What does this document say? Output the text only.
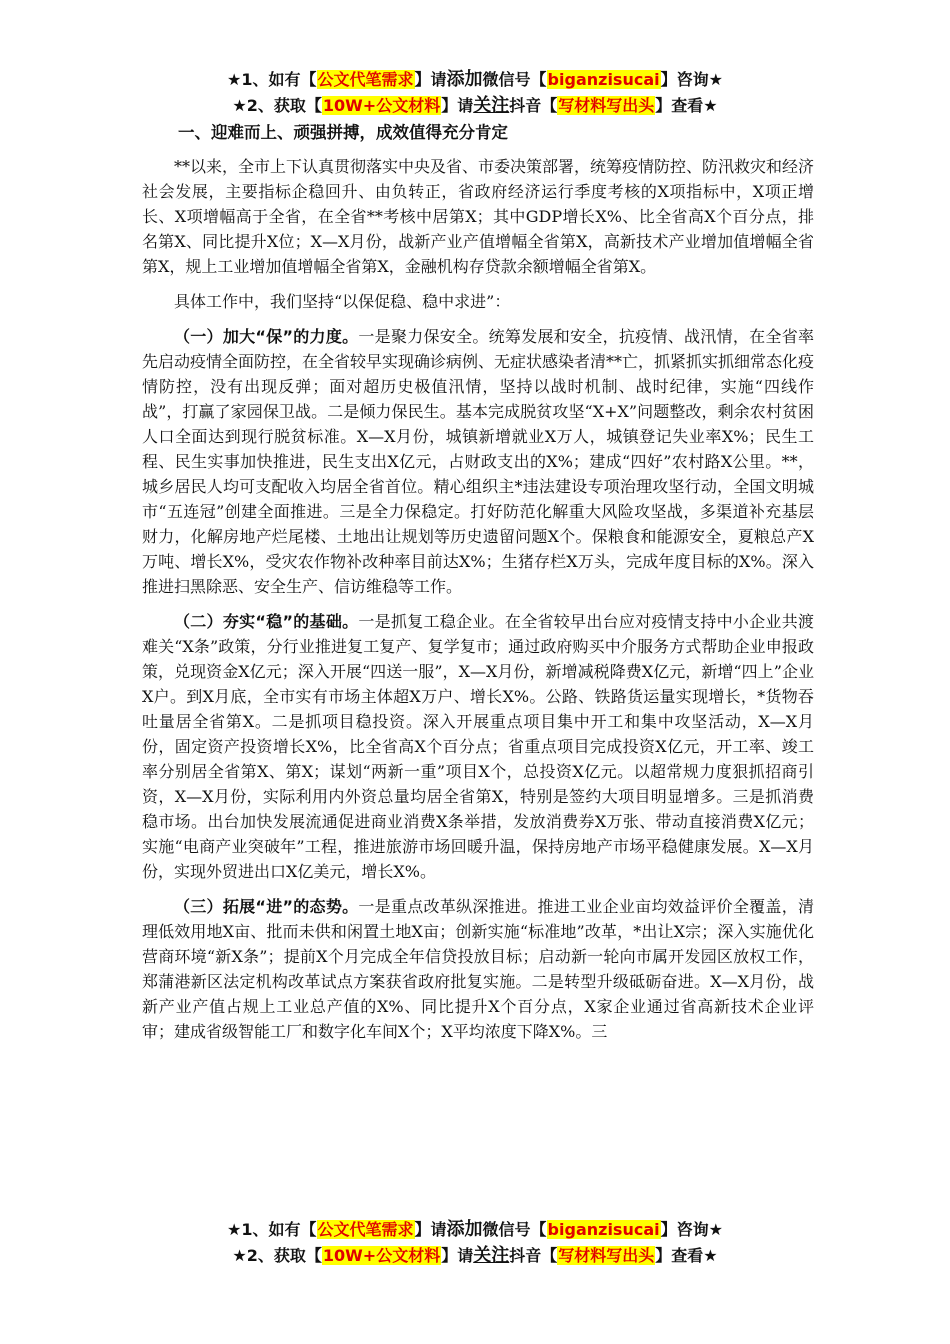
★1、如有【公文代笔需求】请添加微信号【biganzisucai】咨询★
★2、获取【10W+公文材料】请关注抖音【写材料写出头】查看★
一、迎难而上、顽强拼搏，成效值得充分肯定

**以来，全市上下认真贯彻落实中央及省、市委决策部署，统筹疫情防控、防汛救灾和经济社会发展，主要指标企稳回升、由负转正，省政府经济运行季度考核的X项指标中，X项正增长、X项增幅高于全省，在全省**考核中居第X；其中GDP增长X%、比全省高X个百分点，排名第X、同比提升X位；X—X月份，战新产业产值增幅全省第X，高新技术产业增加值增幅全省第X，规上工业增加值增幅全省第X，金融机构存贷款余额增幅全省第X。

具体工作中，我们坚持“以保促稳、稳中求进”：

（一）加大“保”的力度。一是聚力保安全。统筹发展和安全，抗疫情、战汛情，在全省率先启动疫情全面防控，在全省较早实现确诊病例、无症状感染者清**亡，抓紧抓实抓细常态化疫情防控，没有出现反弹；面对超历史极值汛情，坚持以战时机制、战时纪律，实施“四线作战”，打赢了家园保卫战。二是倾力保民生。基本完成脱贫攻坚“X+X”问题整改，剩余农村贫困人口全面达到现行脱贫标准。X—X月份，城镇新增就业X万人，城镇登记失业率X%；民生工程、民生实事加快推进，民生支出X亿元，占财政支出的X%；建成“四好”农村路X公里。**，城乡居民人均可支配收入均居全省首位。精心组织主*违法建设专项治理攻坚行动，全国文明城市“五连冠”创建全面推进。三是全力保稳定。打好防范化解重大风险攻坚战，多渠道补充基层财力，化解房地产烂尾楼、土地出让规划等历史遗留问题X个。保粮食和能源安全，夏粮总产X万吨、增长X%，受灾农作物补改种率目前达X%；生猪存栏X万头，完成年度目标的X%。深入推进扫黑除恶、安全生产、信访维稳等工作。

（二）夯实“稳”的基础。一是抓复工稳企业。在全省较早出台应对疫情支持中小企业共渡难关“X条”政策，分行业推进复工复产、复学复市；通过政府购买中介服务方式帮助企业申报政策，兑现资金X亿元；深入开展“四送一服”，X—X月份，新增减税降费X亿元，新增“四上”企业X户。到X月底，全市实有市场主体超X万户、增长X%。公路、铁路货运量实现增长，*货物吞吐量居全省第X。二是抓项目稳投资。深入开展重点项目集中开工和集中攻坚活动，X—X月份，固定资产投资增长X%，比全省高X个百分点；省重点项目完成投资X亿元，开工率、竣工率分别居全省第X、第X；谋划“两新一重”项目X个，总投资X亿元。以超常规力度狠抓招商引资，X—X月份，实际利用内外资总量均居全省第X，特别是签约大项目明显增多。三是抓消费稳市场。出台加快发展流通促进商业消费X条举措，发放消费券X万张、带动直接消费X亿元；实施“电商产业突破年”工程，推进旅游市场回暖升温，保持房地产市场平稳健康发展。X—X月份，实现外贸进出口X亿美元，增长X%。

（三）拓展“进”的态势。一是重点改革纵深推进。推进工业企业亩均效益评价全覆盖，清理低效用地X亩、批而未供和闲置土地X亩；创新实施“标准地”改革，*出让X宗；深入实施优化营商环境“新X条”；提前X个月完成全年信贷投放目标；启动新一轮向市属开发园区放权工作，郑蒲港新区法定机构改革试点方案获省政府批复实施。二是转型升级砥砺奋进。X—X月份，战新产业产值占规上工业总产值的X%、同比提升X个百分点，X家企业通过省高新技术企业评审；建成省级智能工厂和数字化车间X个；X平均浓度下降X%。三

★1、如有【公文代笔需求】请添加微信号【biganzisucai】咨询★
★2、获取【10W+公文材料】请关注抖音【写材料写出头】查看★
